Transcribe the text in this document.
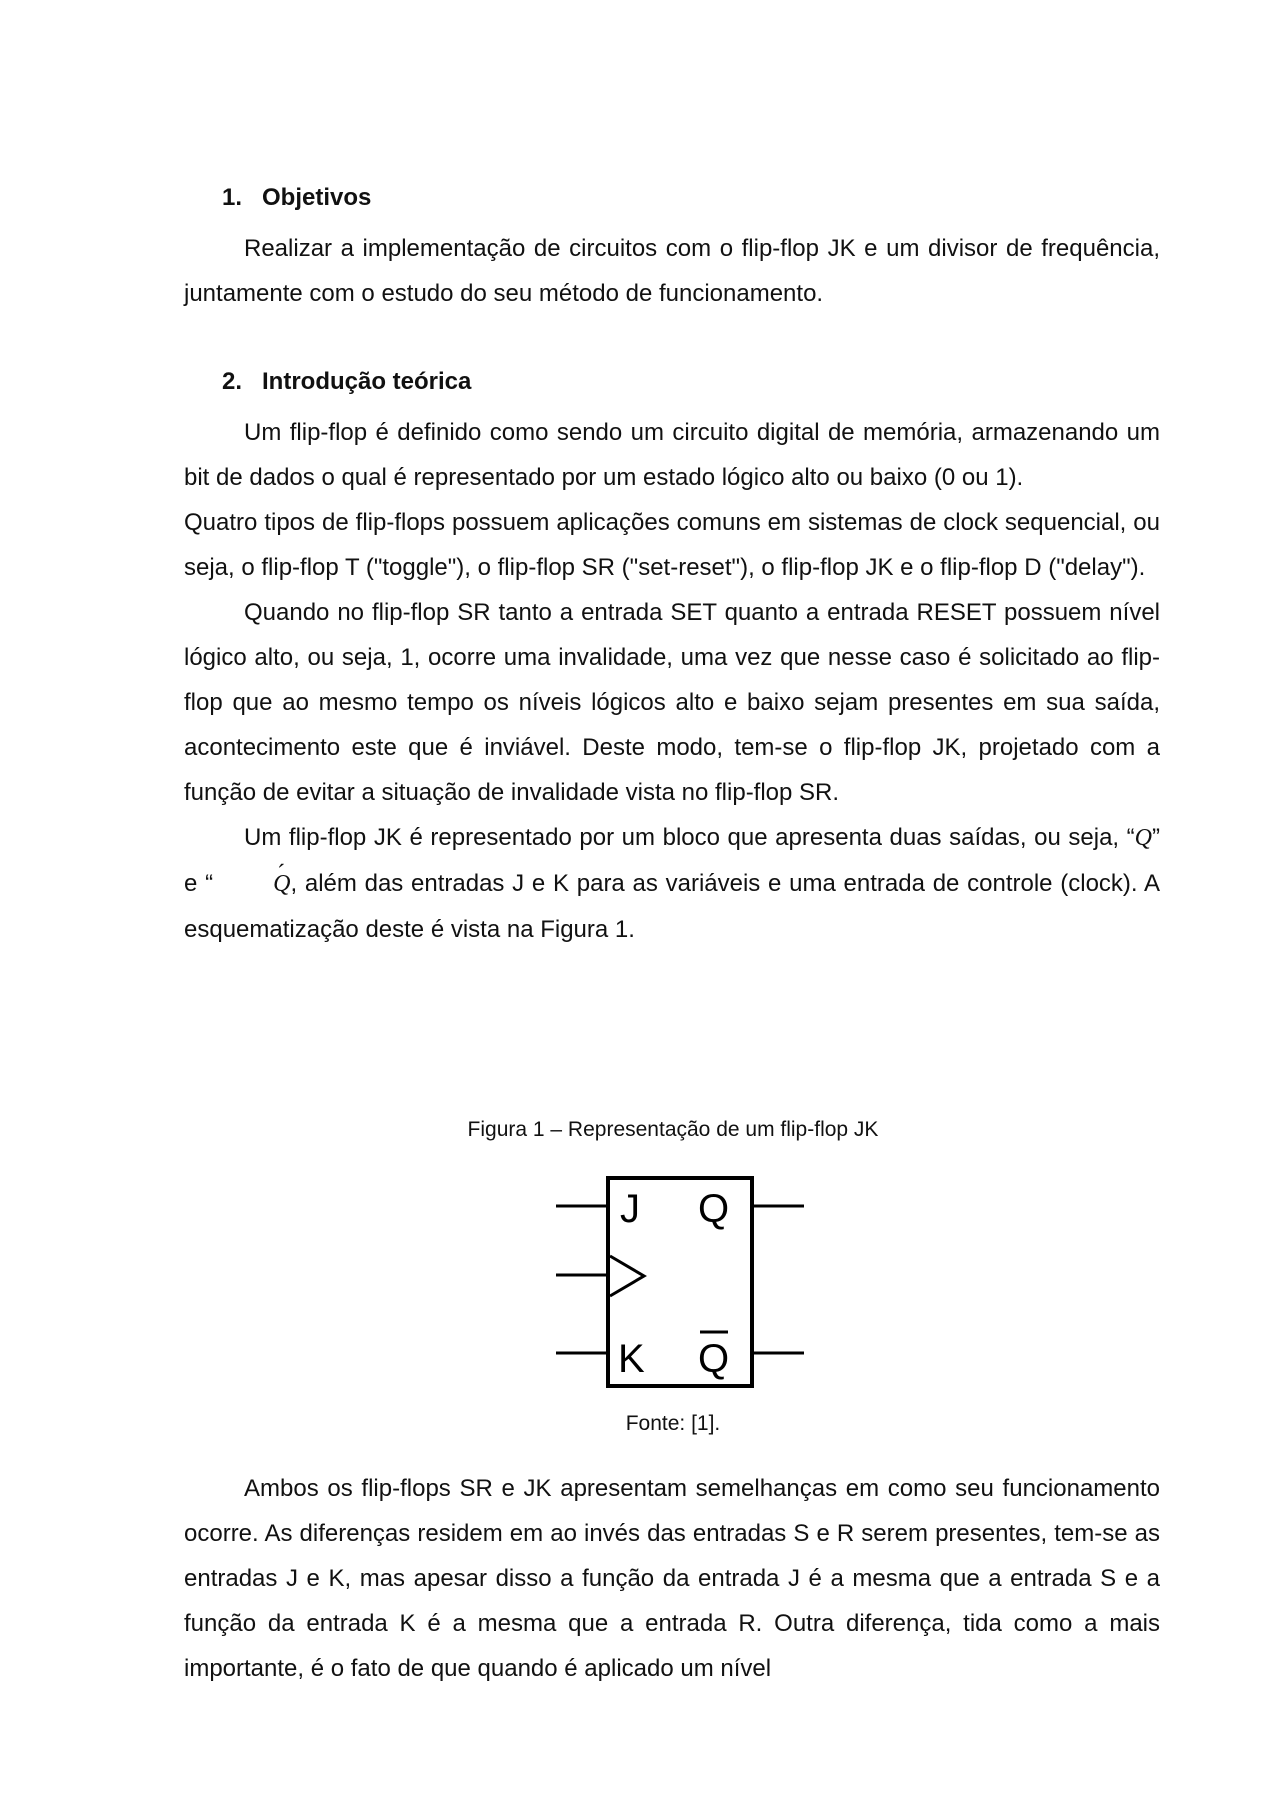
1. Objetivos

Realizar a implementação de circuitos com o flip-flop JK e um divisor de frequência, juntamente com o estudo do seu método de funcionamento.

2. Introdução teórica

Um flip-flop é definido como sendo um circuito digital de memória, armazenando um bit de dados o qual é representado por um estado lógico alto ou baixo (0 ou 1).

Quatro tipos de flip-flops possuem aplicações comuns em sistemas de clock sequencial, ou seja, o flip-flop T ("toggle"), o flip-flop SR ("set-reset"), o flip-flop JK e o flip-flop D ("delay").

Quando no flip-flop SR tanto a entrada SET quanto a entrada RESET possuem nível lógico alto, ou seja, 1, ocorre uma invalidade, uma vez que nesse caso é solicitado ao flip-flop que ao mesmo tempo os níveis lógicos alto e baixo sejam presentes em sua saída, acontecimento este que é inviável. Deste modo, tem-se o flip-flop JK, projetado com a função de evitar a situação de invalidade vista no flip-flop SR.

Um flip-flop JK é representado por um bloco que apresenta duas saídas, ou seja, “Q” e “	Q ´, além das entradas J e K para as variáveis e uma entrada de controle (clock). A esquematização deste é vista na Figura 1.

Figura 1 – Representação de um flip-flop JK
J Q
K Q
Fonte: [1].

Ambos os flip-flops SR e JK apresentam semelhanças em como seu funcionamento ocorre. As diferenças residem em ao invés das entradas S e R serem presentes, tem-se as entradas J e K, mas apesar disso a função da entrada J é a mesma que a entrada S e a função da entrada K é a mesma que a entrada R. Outra diferença, tida como a mais importante, é o fato de que quando é aplicado um nível
